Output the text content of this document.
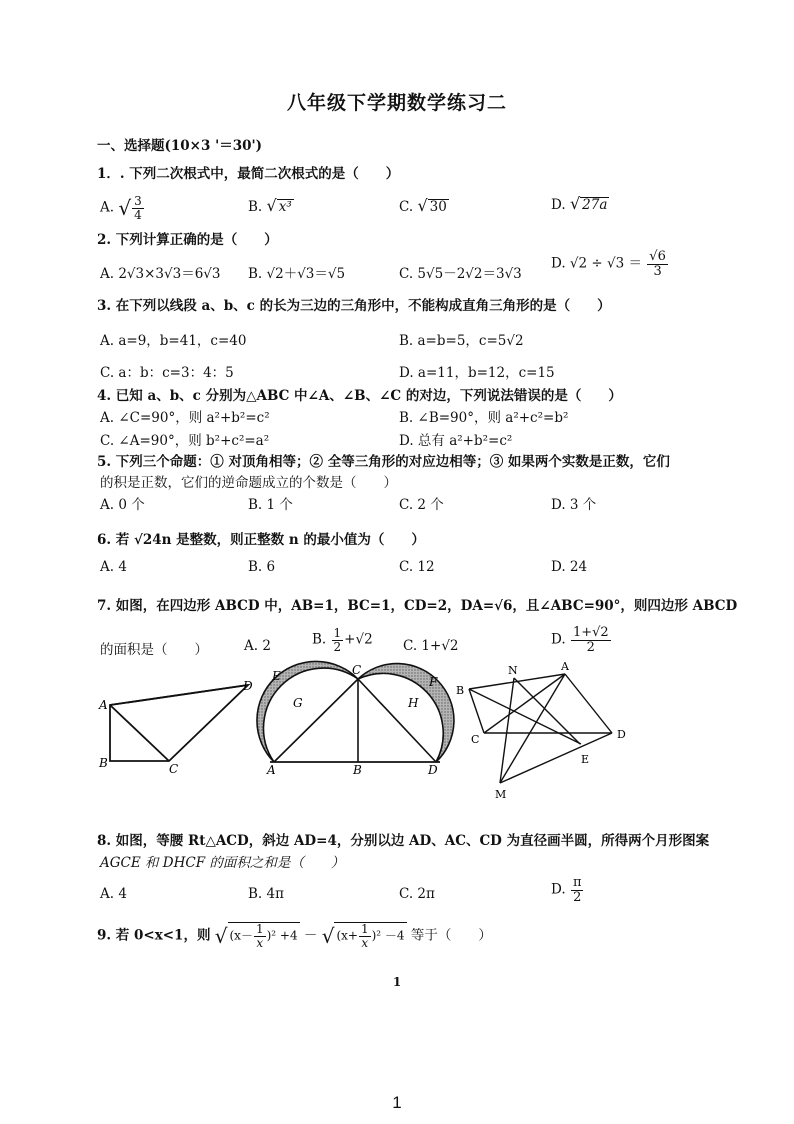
八年级下学期数学练习二
一、选择题(10×3 '＝30')
1．. 下列二次根式中，最简二次根式的是（　　）
A. √ $\frac{3}{4}$	B. √ x³	C. √ 30	D. √ 27a
2. 下列计算正确的是（　　）
A. 2√3×3√3＝6√3 B. √2＋√3＝√5	C. 5√5－2√2＝3√3
D. $√2 \div √3 = \frac{√6}{3}$
3. 在下列以线段 a、b、c 的长为三边的三角形中，不能构成直角三角形的是（　　）
A. a=9，b=41，c=40	B. a=b=5，c=5√2
C. a：b：c=3：4：5	D. a=11，b=12，c=15
4. 已知 a、b、c 分别为△ABC 中∠A、∠B、∠C 的对边，下列说法错误的是（　　）
A. ∠C=90°，则 a²+b²=c²	B. ∠B=90°，则 a²+c²=b²
C. ∠A=90°，则 b²+c²=a²	D. 总有 a²+b²=c²
5. 下列三个命题：① 对顶角相等；② 全等三角形的对应边相等；③ 如果两个实数是正数，它们
的积是正数，它们的逆命题成立的个数是（　　）
A. 0 个	B. 1 个	C. 2 个	D. 3 个
6. 若 √24n 是整数，则正整数 n 的最小值为（　　）
A. 4	B. 6	C. 12	D. 24
7. 如图，在四边形 ABCD 中，AB=1，BC=1，CD=2，DA=√6，且∠ABC=90°，则四边形 ABCD
的面积是（　　）	A. 2	B. $\frac{1}{2} +√2$ C. 1+√2	D. $\frac{1+√2}{2}$
A
B	C
D
E	C
F
G	H
A	B	D
N	A
B
C	D
E
M
8. 如图，等腰 Rt△ACD，斜边 AD=4，分别以边 AD、AC、CD 为直径画半圆，所得两个月形图案
AGCE 和 DHCF 的面积之和是（　　）
A. 4	B. 4π	C. 2π	D. $\frac{\pi}{2}$
9. 若 0<x<1，则 √ $(x- \frac{1}{x} )^2 +4$ － √ $(x+ \frac{1}{x} )^2 -4$ 等于（　　）
1
1
